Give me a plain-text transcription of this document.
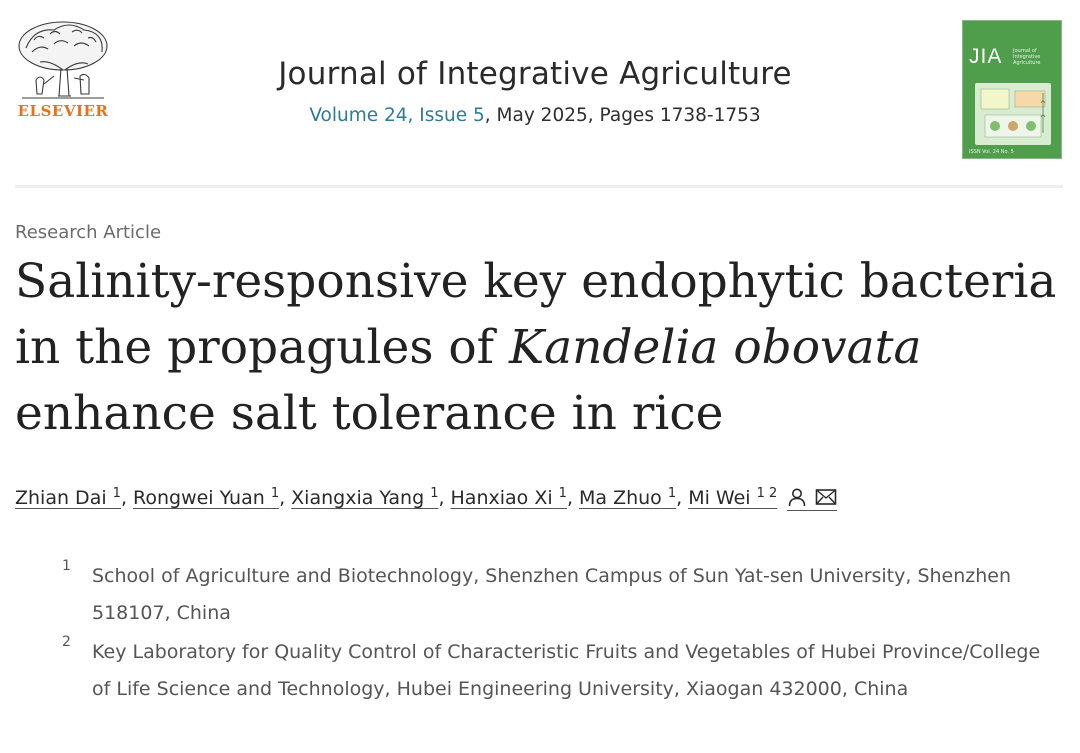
ELSEVIER
Journal of Integrative Agriculture
Volume 24, Issue 5, May 2025, Pages 1738-1753
JIA Journal of Integrative Agriculture
ISSN Vol. 24 No. 5
Research Article
Salinity-responsive key endophytic bacteria
in the propagules of Kandelia obovata
enhance salt tolerance in rice
Zhian Dai $^1$ , Rongwei Yuan $^1$ , Xiangxia Yang $^1$ , Hanxiao Xi $^1$ , Ma Zhuo $^1$ , Mi Wei $^{1 2}$
1 School of Agriculture and Biotechnology, Shenzhen Campus of Sun Yat-sen University, Shenzhen 518107, China
2 Key Laboratory for Quality Control of Characteristic Fruits and Vegetables of Hubei Province/College of Life Science and Technology, Hubei Engineering University, Xiaogan 432000, China
